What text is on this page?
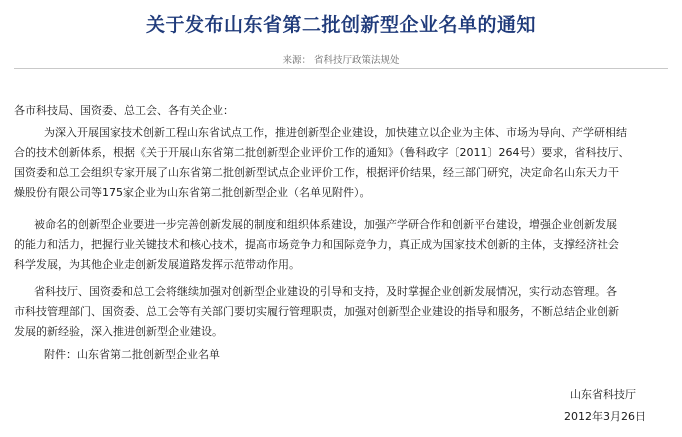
关于发布山东省第二批创新型企业名单的通知
来源： 省科技厅政策法规处
各市科技局、国资委、总工会、各有关企业：
为深入开展国家技术创新工程山东省试点工作，推进创新型企业建设，加快建立以企业为主体、市场为导向、产学研相结
合的技术创新体系，根据《关于开展山东省第二批创新型企业评价工作的通知》（鲁科政字〔2011〕264号）要求，省科技厅、
国资委和总工会组织专家开展了山东省第二批创新型试点企业评价工作，根据评价结果，经三部门研究，决定命名山东天力干
燥股份有限公司等175家企业为山东省第二批创新型企业（名单见附件）。
被命名的创新型企业要进一步完善创新发展的制度和组织体系建设，加强产学研合作和创新平台建设，增强企业创新发展
的能力和活力，把握行业关键技术和核心技术，提高市场竞争力和国际竞争力，真正成为国家技术创新的主体，支撑经济社会
科学发展，为其他企业走创新发展道路发挥示范带动作用。
省科技厅、国资委和总工会将继续加强对创新型企业建设的引导和支持，及时掌握企业创新发展情况，实行动态管理。各
市科技管理部门、国资委、总工会等有关部门要切实履行管理职责，加强对创新型企业建设的指导和服务，不断总结企业创新
发展的新经验，深入推进创新型企业建设。
附件：山东省第二批创新型企业名单
山东省科技厅
2012年3月26日
